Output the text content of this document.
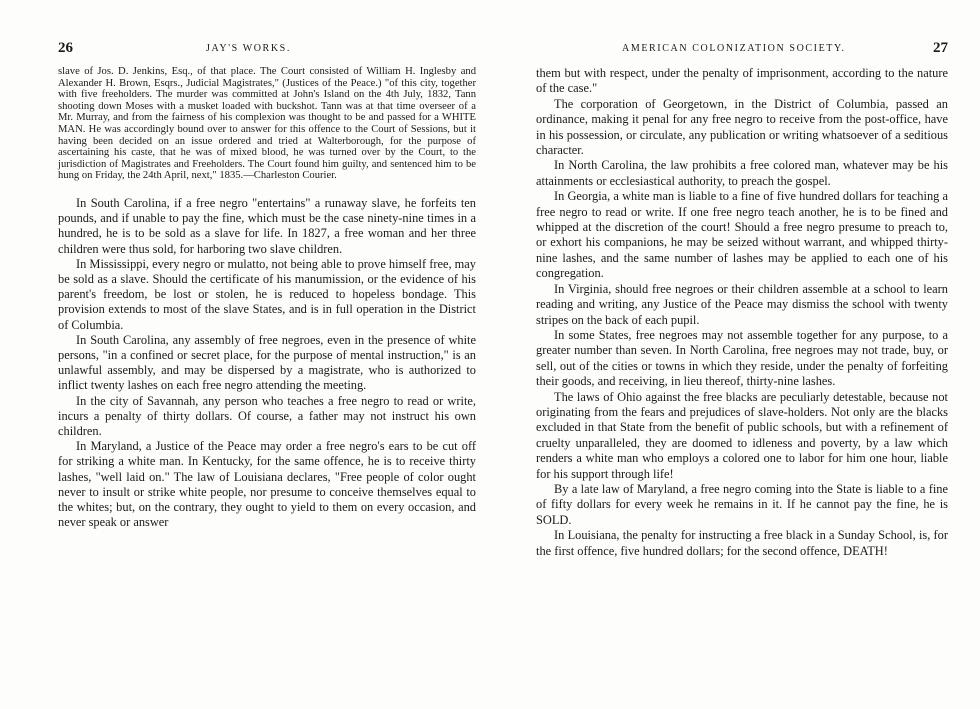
26	JAY'S WORKS.

slave of Jos. D. Jenkins, Esq., of that place. The Court consisted of William H. Inglesby and Alexander H. Brown, Esqrs., Judicial Magistrates," (Justices of the Peace.) "of this city, together with five freeholders. The murder was committed at John's Island on the 4th July, 1832, Tann shooting down Moses with a musket loaded with buckshot. Tann was at that time overseer of a Mr. Murray, and from the fairness of his complexion was thought to be and passed for a WHITE MAN. He was accordingly bound over to answer for this offence to the Court of Sessions, but it having been decided on an issue ordered and tried at Walterborough, for the purpose of ascertaining his caste, that he was of mixed blood, he was turned over by the Court, to the jurisdiction of Magistrates and Freeholders. The Court found him guilty, and sentenced him to be hung on Friday, the 24th April, next," 1835.—Charleston Courier.

In South Carolina, if a free negro "entertains" a runaway slave, he forfeits ten pounds, and if unable to pay the fine, which must be the case ninety-nine times in a hundred, he is to be sold as a slave for life. In 1827, a free woman and her three children were thus sold, for harboring two slave children.

In Mississippi, every negro or mulatto, not being able to prove himself free, may be sold as a slave. Should the certificate of his manumission, or the evidence of his parent's freedom, be lost or stolen, he is reduced to hopeless bondage. This provision extends to most of the slave States, and is in full operation in the District of Columbia.

In South Carolina, any assembly of free negroes, even in the presence of white persons, "in a confined or secret place, for the purpose of mental instruction," is an unlawful assembly, and may be dispersed by a magistrate, who is authorized to inflict twenty lashes on each free negro attending the meeting.

In the city of Savannah, any person who teaches a free negro to read or write, incurs a penalty of thirty dollars. Of course, a father may not instruct his own children.

In Maryland, a Justice of the Peace may order a free negro's ears to be cut off for striking a white man. In Kentucky, for the same offence, he is to receive thirty lashes, "well laid on." The law of Louisiana declares, "Free people of color ought never to insult or strike white people, nor presume to conceive themselves equal to the whites; but, on the contrary, they ought to yield to them on every occasion, and never speak or answer

AMERICAN COLONIZATION SOCIETY.	27

them but with respect, under the penalty of imprisonment, according to the nature of the case."

The corporation of Georgetown, in the District of Columbia, passed an ordinance, making it penal for any free negro to receive from the post-office, have in his possession, or circulate, any publication or writing whatsoever of a seditious character.

In North Carolina, the law prohibits a free colored man, whatever may be his attainments or ecclesiastical authority, to preach the gospel.

In Georgia, a white man is liable to a fine of five hundred dollars for teaching a free negro to read or write. If one free negro teach another, he is to be fined and whipped at the discretion of the court! Should a free negro presume to preach to, or exhort his companions, he may be seized without warrant, and whipped thirty-nine lashes, and the same number of lashes may be applied to each one of his congregation.

In Virginia, should free negroes or their children assemble at a school to learn reading and writing, any Justice of the Peace may dismiss the school with twenty stripes on the back of each pupil.

In some States, free negroes may not assemble together for any purpose, to a greater number than seven. In North Carolina, free negroes may not trade, buy, or sell, out of the cities or towns in which they reside, under the penalty of forfeiting their goods, and receiving, in lieu thereof, thirty-nine lashes.

The laws of Ohio against the free blacks are peculiarly detestable, because not originating from the fears and prejudices of slave-holders. Not only are the blacks excluded in that State from the benefit of public schools, but with a refinement of cruelty unparalleled, they are doomed to idleness and poverty, by a law which renders a white man who employs a colored one to labor for him one hour, liable for his support through life!

By a late law of Maryland, a free negro coming into the State is liable to a fine of fifty dollars for every week he remains in it. If he cannot pay the fine, he is SOLD.

In Louisiana, the penalty for instructing a free black in a Sunday School, is, for the first offence, five hundred dollars; for the second offence, DEATH!
